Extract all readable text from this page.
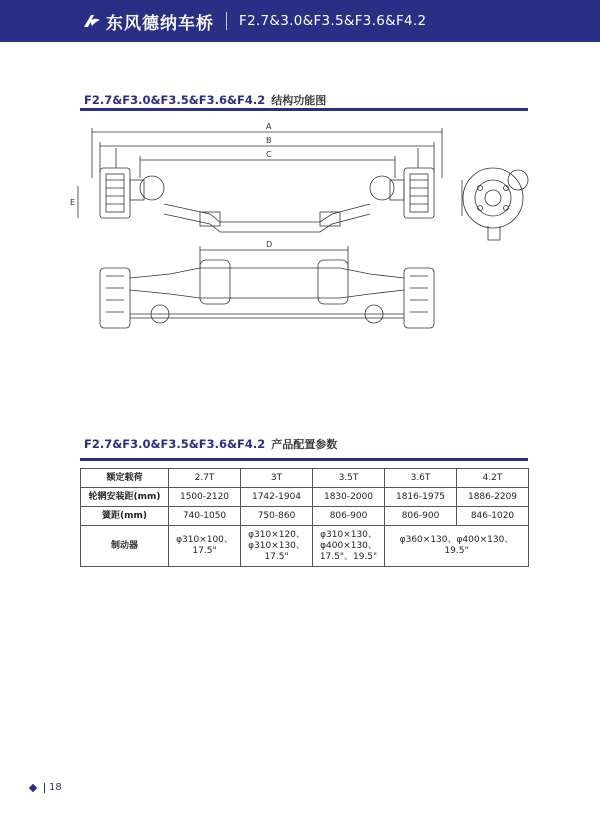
东风德纳车桥 F2.7&3.0&F3.5&F3.6&F4.2
F2.7&F3.0&F3.5&F3.6&F4.2 结构功能图
A
B
C
D
E
F2.7&F3.0&F3.5&F3.6&F4.2 产品配置参数
额定载荷	2.7T	3T	3.5T	3.6T	4.2T
轮辋安装距(mm)	1500-2120	1742-1904	1830-2000	1816-1975	1886-2209
簧距(mm)	740-1050	750-860	806-900	806-900	846-1020
制动器	φ310×100、17.5"	φ310×120、φ310×130、17.5"	φ310×130、φ400×130、17.5"、19.5"	φ360×130、φ400×130、19.5"	
18
